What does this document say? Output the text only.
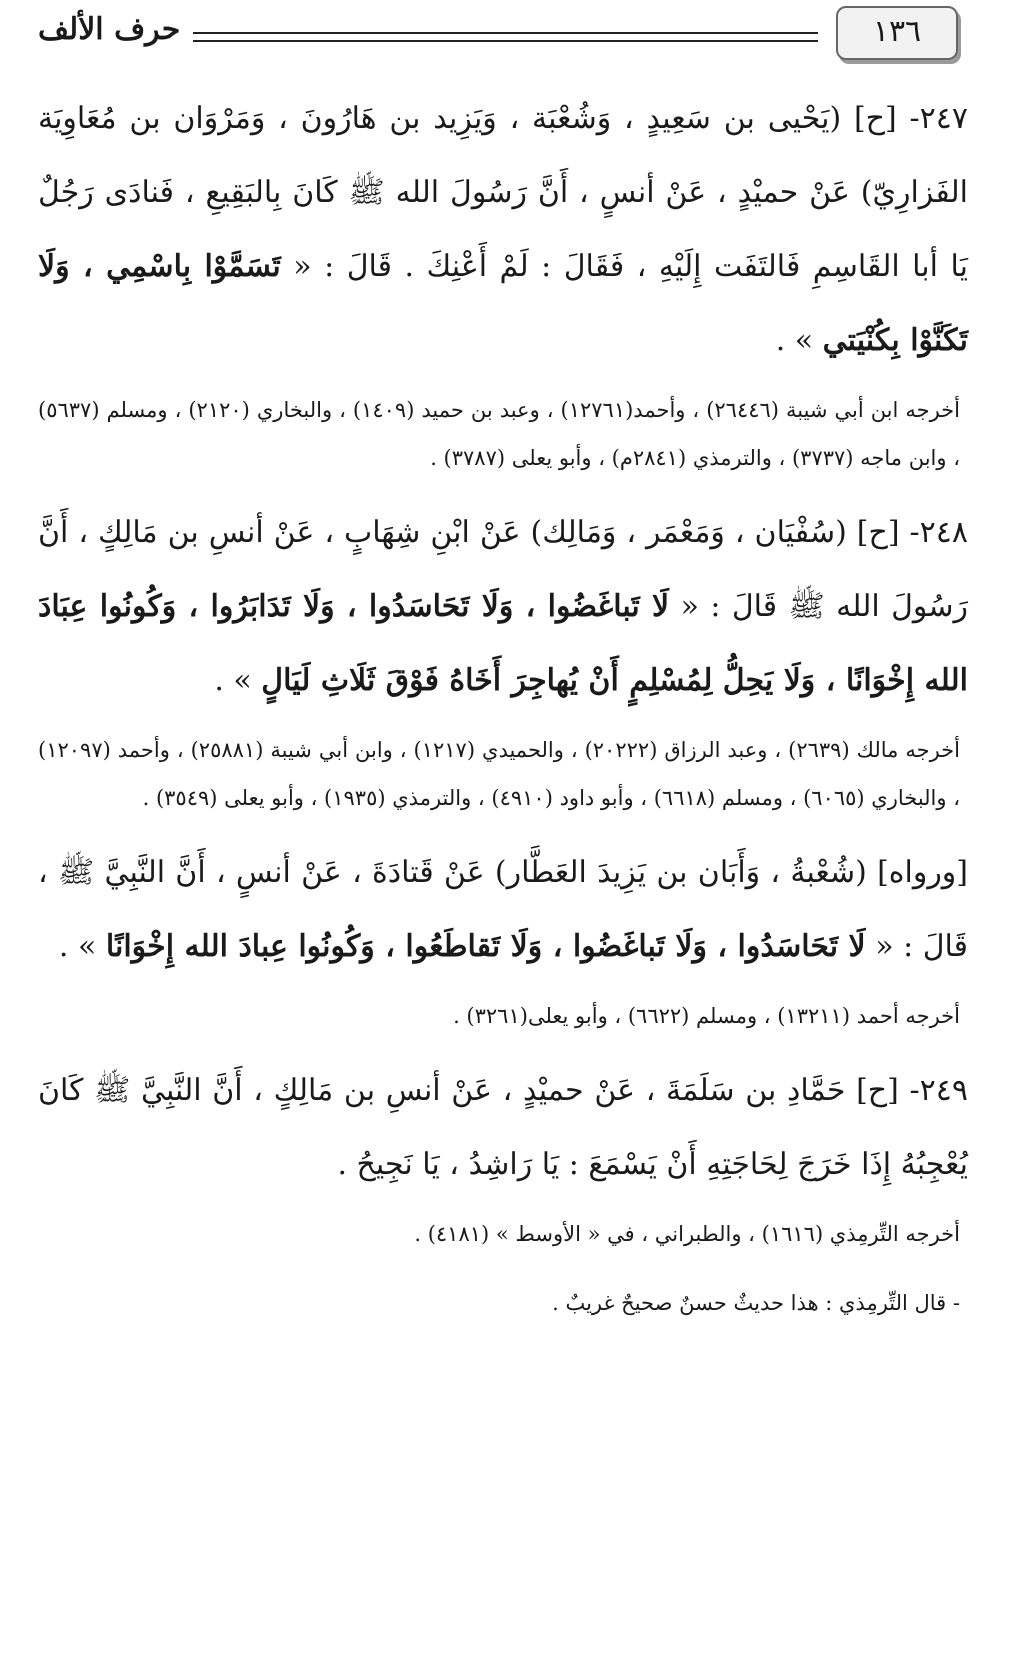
١٣٦
حرف الألف

٢٤٧- [ح] (يَحْيى بن سَعِيدٍ ، وَشُعْبَة ، وَيَزِيد بن هَارُونَ ، وَمَرْوَان بن مُعَاوِيَة الفَزارِيّ) عَنْ حميْدٍ ، عَنْ أنسٍ ، أَنَّ رَسُولَ الله ﷺ كَانَ بِالبَقِيعِ ، فَنادَى رَجُلٌ يَا أبا القَاسِمِ فَالتَفَت إِلَيْهِ ، فَقَالَ : لَمْ أَعْنِكَ . قَالَ : « تَسَمَّوْا بِاسْمِي ، وَلَا تَكَنَّوْا بِكُنْيَتي » .

أخرجه ابن أبي شيبة (٢٦٤٤٦) ، وأحمد(١٢٧٦١) ، وعبد بن حميد (١٤٠٩) ، والبخاري (٢١٢٠) ، ومسلم (٥٦٣٧) ، وابن ماجه (٣٧٣٧) ، والترمذي (٢٨٤١م) ، وأبو يعلى (٣٧٨٧) .

٢٤٨- [ح] (سُفْيَان ، وَمَعْمَر ، وَمَالِك) عَنْ ابْنِ شِهَابٍ ، عَنْ أنسِ بن مَالِكٍ ، أَنَّ رَسُولَ الله ﷺ قَالَ : « لَا تَباغَضُوا ، وَلَا تَحَاسَدُوا ، وَلَا تَدَابَرُوا ، وَكُونُوا عِبَادَ الله إِخْوَانًا ، وَلَا يَحِلُّ لِمُسْلِمٍ أَنْ يُهاجِرَ أَخَاهُ فَوْقَ ثَلَاثِ لَيَالٍ » .

أخرجه مالك (٢٦٣٩) ، وعبد الرزاق (٢٠٢٢٢) ، والحميدي (١٢١٧) ، وابن أبي شيبة (٢٥٨٨١) ، وأحمد (١٢٠٩٧) ، والبخاري (٦٠٦٥) ، ومسلم (٦٦١٨) ، وأبو داود (٤٩١٠) ، والترمذي (١٩٣٥) ، وأبو يعلى (٣٥٤٩) .

[ورواه] (شُعْبةُ ، وَأَبَان بن يَزِيدَ العَطَّار) عَنْ قَتادَةَ ، عَنْ أنسٍ ، أَنَّ النَّبِيَّ ﷺ ، قَالَ : « لَا تَحَاسَدُوا ، وَلَا تَباغَضُوا ، وَلَا تَقاطَعُوا ، وَكُونُوا عِبادَ الله إِخْوَانًا » .

أخرجه أحمد (١٣٢١١) ، ومسلم (٦٦٢٢) ، وأبو يعلى(٣٢٦١) .

٢٤٩- [ح] حَمَّادِ بن سَلَمَةَ ، عَنْ حميْدٍ ، عَنْ أنسِ بن مَالِكٍ ، أَنَّ النَّبِيَّ ﷺ كَانَ يُعْجِبُهُ إِذَا خَرَجَ لِحَاجَتِهِ أَنْ يَسْمَعَ : يَا رَاشِدُ ، يَا نَجِيحُ .

أخرجه التِّرمِذي (١٦١٦) ، والطبراني ، في « الأوسط » (٤١٨١) .

- قال التِّرمِذي : هذا حديثٌ حسنٌ صحيحٌ غريبٌ .
